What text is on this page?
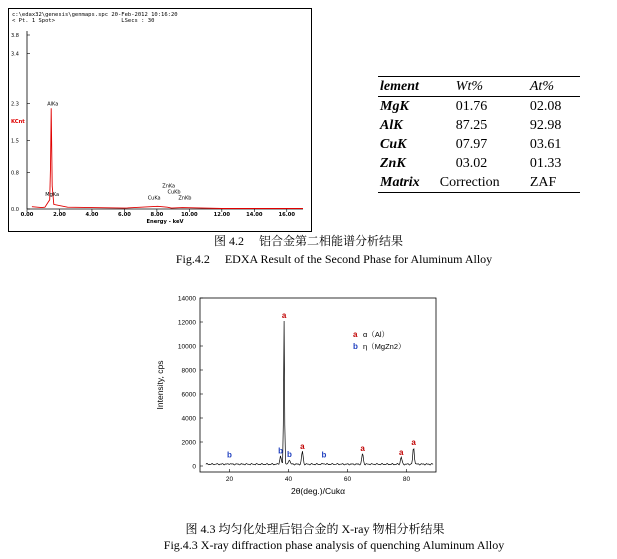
c:\edax32\genesis\genmaps.spc 20-Feb-2012 10:16:20
< Pt. 1 Spot>                    LSecs : 30
3.8
3.4
2.3
1.5
0.8
0.0
0.00	2.00	4.00	6.00	8.00	10.00	12.00	14.00	16.00
Energy - keV
KCnt
AlKa
MgKa
ZnKa
CuKb
CuKa	ZnKb
lement	Wt%	At%
MgK	01.76	02.08
AlK	87.25	92.98
CuK	07.97	03.61
ZnK	03.02	01.33
Matrix	Correction	ZAF
图 4.2　 铝合金第二相能谱分析结果
Fig.4.2　 EDXA Result of the Second Phase for Aluminum Alloy
14000
12000
10000
8000
6000
4000
2000
0
20	40	60	80
Intensity, cps
2θ(deg.)/Cukα
b	b
a
b
a
b
a	a
a
a α（Al）
b η（MgZn2）
图 4.3 均匀化处理后铝合金的 X-ray 物相分析结果
Fig.4.3 X-ray diffraction phase analysis of quenching Aluminum Alloy
